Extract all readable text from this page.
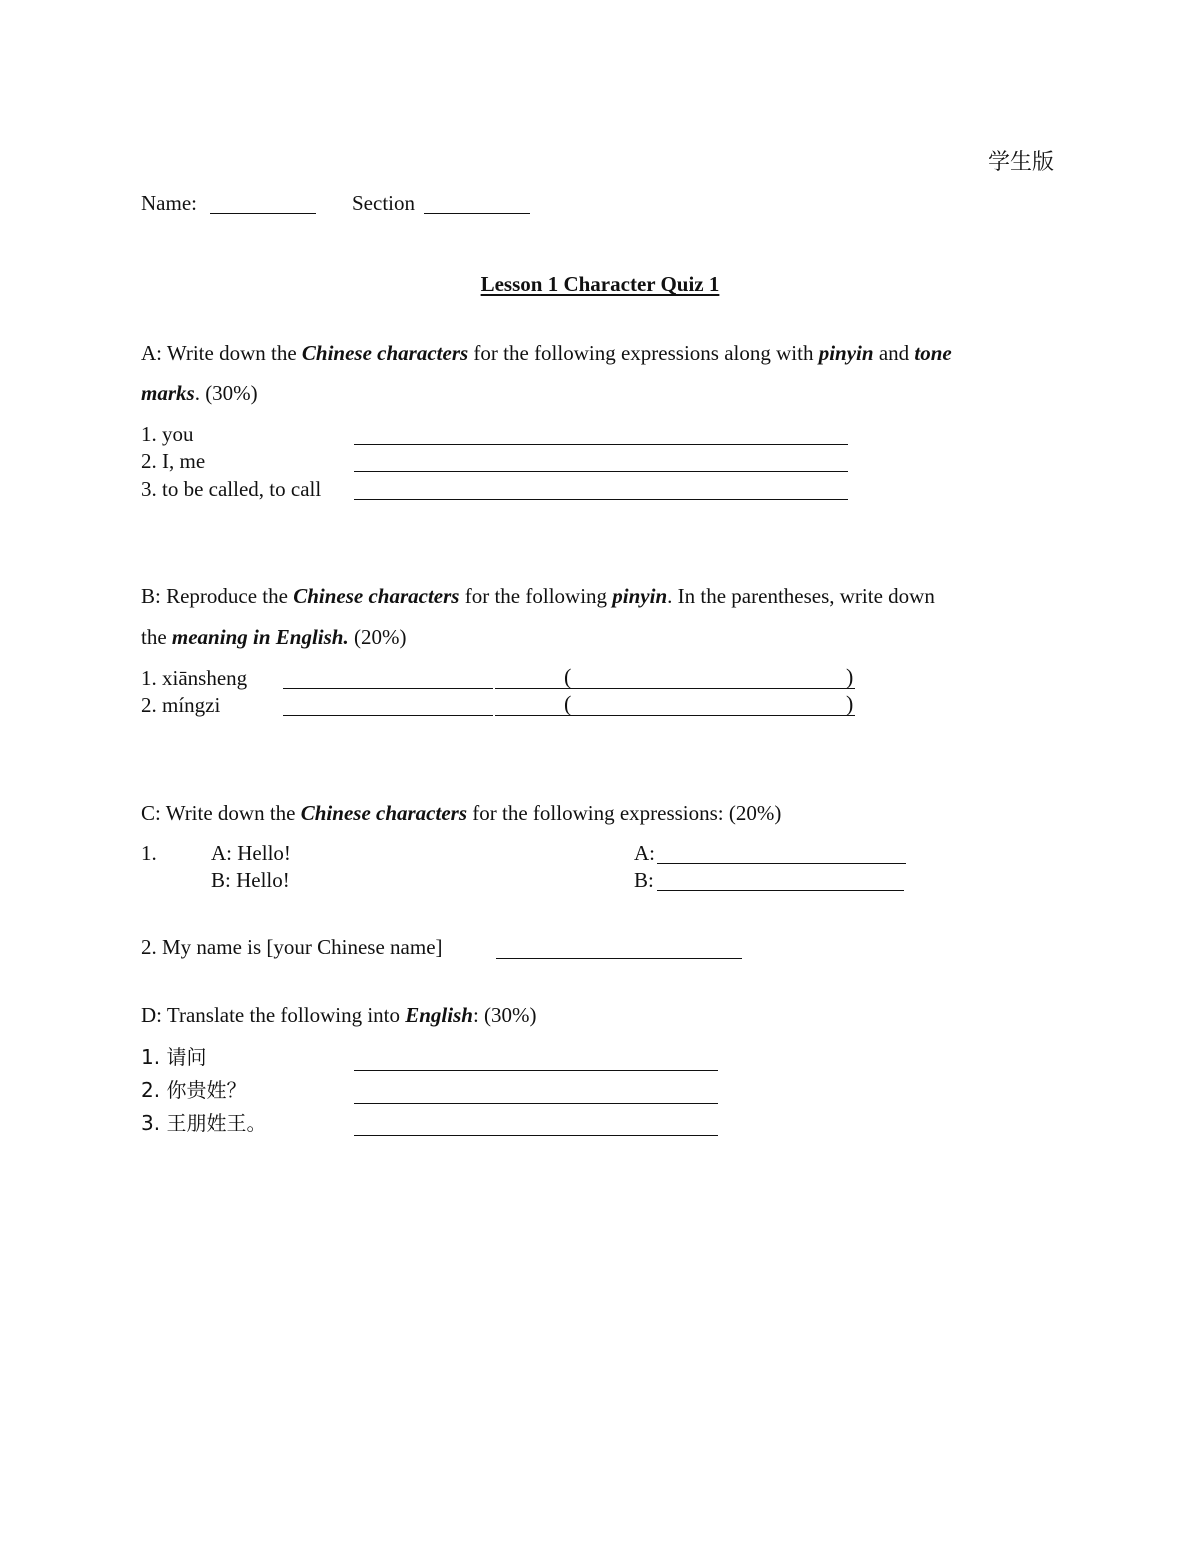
学生版
Name:	Section
Lesson 1 Character Quiz 1
A: Write down the Chinese characters for the following expressions along with pinyin and tone
marks. (30%)
1. you
2. I, me
3. to be called, to call
B: Reproduce the Chinese characters for the following pinyin. In the parentheses, write down
the meaning in English. (20%)
1. xiānsheng	(	)
2. míngzi	(	)
C: Write down the Chinese characters for the following expressions: (20%)
1.	A: Hello!	A:
B: Hello!	B:
2. My name is [your Chinese name]
D: Translate the following into English: (30%)
1. 请问
2. 你贵姓？
3. 王朋姓王。
